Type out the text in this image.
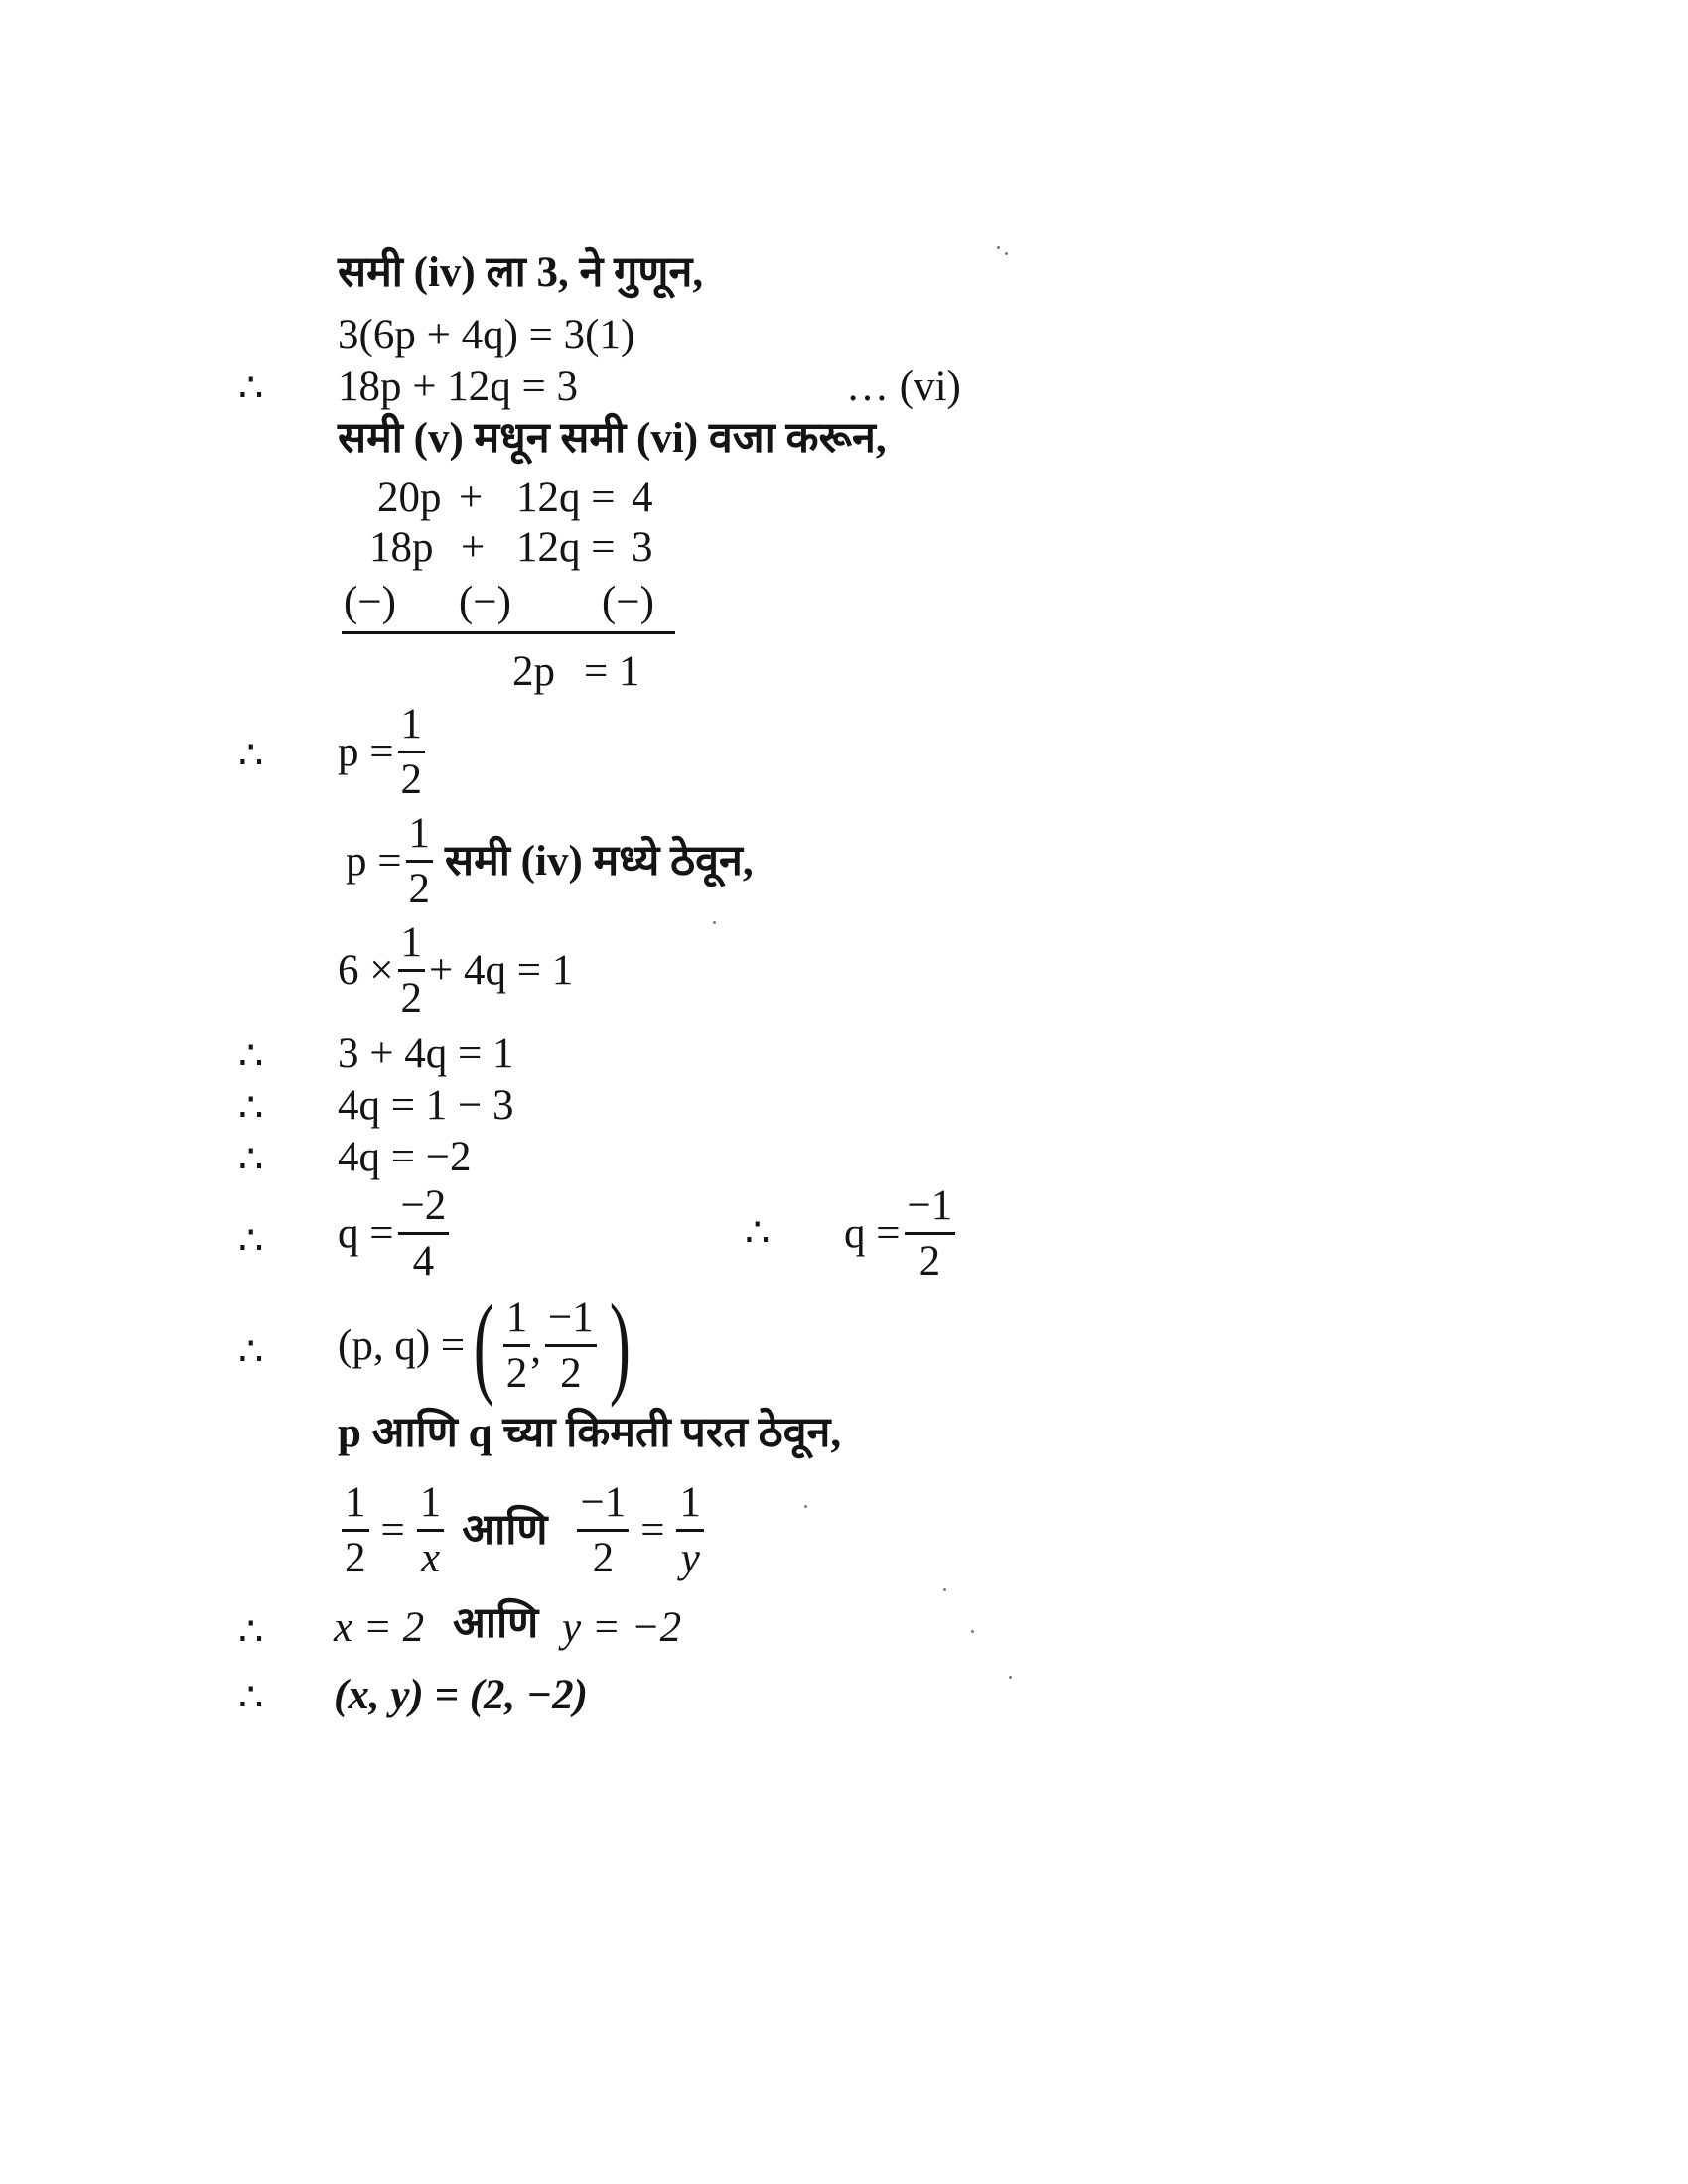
समी (iv) ला 3, ने गुणून,
3(6p + 4q) = 3(1)
∴ 18p + 12q = 3	… (vi)
समी (v) मधून समी (vi) वजा करून,
20p + 12q = 4
18p + 12q = 3
(−) (−) (−)
2p = 1
∴ $p = \frac{1}{2}$
$p = \frac{1}{2}$ समी (iv) मध्ये ठेवून,
$6 \times \frac{1}{2} + 4q = 1$
∴ 3 + 4q = 1
∴ 4q = 1 − 3
∴ 4q = −2
∴ $q = \frac{-2}{4}$	∴ $q = \frac{-1}{2}$
∴ (p, q) = ( $\frac{1}{2}$ , $\frac{-1}{2}$ )
p आणि q च्या किमती परत ठेवून,
$\frac{1}{2} = \frac{1}{x}$ आणि $\frac{-1}{2} = \frac{1}{y}$
∴ x = 2 आणि y = −2
∴ (x, y) = (2, −2)
